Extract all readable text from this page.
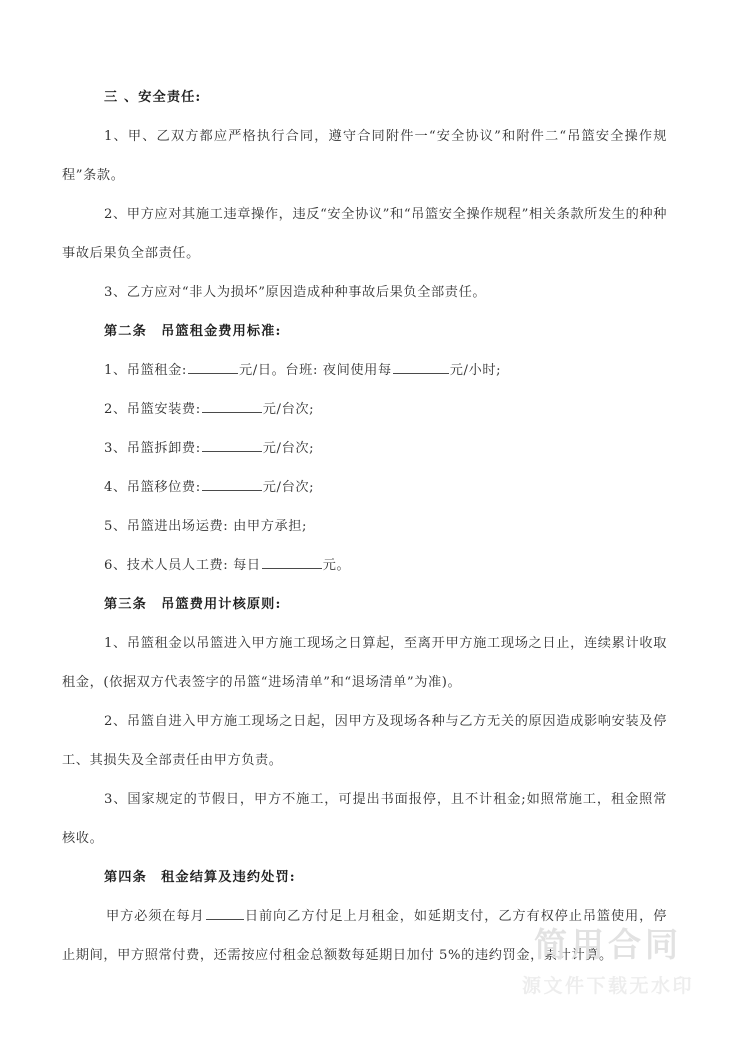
三 、安全责任:

1、甲、乙双方都应严格执行合同，遵守合同附件一“安全协议”和附件二“吊篮安全操作规程”条款。

2、甲方应对其施工违章操作，违反“安全协议”和“吊篮安全操作规程”相关条款所发生的种种事故后果负全部责任。

3、乙方应对“非人为损坏”原因造成种种事故后果负全部责任。

第二条　吊篮租金费用标准:

1、吊篮租金:	元/日。台班: 夜间使用每	元/小时;

2、吊篮安装费:	元/台次;

3、吊篮拆卸费:	元/台次;

4、吊篮移位费:	元/台次;

5、吊篮进出场运费: 由甲方承担;

6、技术人员人工费: 每日	元。

第三条　吊篮费用计核原则:

1、吊篮租金以吊篮进入甲方施工现场之日算起，至离开甲方施工现场之日止，连续累计收取租金，(依据双方代表签字的吊篮“进场清单”和“退场清单”为准)。

2、吊篮自进入甲方施工现场之日起，因甲方及现场各种与乙方无关的原因造成影响安装及停工、其损失及全部责任由甲方负责。

3、国家规定的节假日，甲方不施工，可提出书面报停，且不计租金;如照常施工，租金照常核收。

第四条　租金结算及违约处罚:

甲方必须在每月	日前向乙方付足上月租金，如延期支付，乙方有权停止吊篮使用，停止期间，甲方照常付费，还需按应付租金总额数每延期日加付 5%的违约罚金，累计计算。

简用合同
源文件下载无水印
